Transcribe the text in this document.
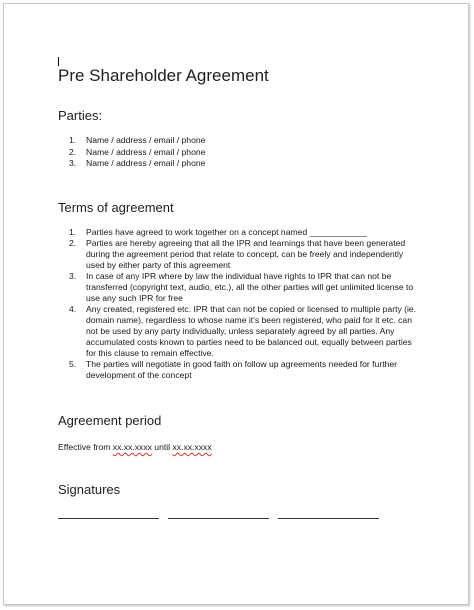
Pre Shareholder Agreement
Parties:
1. Name / address / email / phone
2. Name / address / email / phone
3. Name / address / email / phone
Terms of agreement
1. Parties have agreed to work together on a concept named ____________
2. Parties are hereby agreeing that all the IPR and learnings that have been generated
during the agreement period that relate to concept, can be freely and independently
used by either party of this agreement
3. In case of any IPR where by law the individual have rights to IPR that can not be
transferred (copyright text, audio, etc.), all the other parties will get unlimited license to
use any such IPR for free
4. Any created, registered etc. IPR that can not be copied or licensed to multiple party (ie.
domain name), regardless to whose name it's been registered, who paid for it etc. can
not be used by any party individually, unless separately agreed by all parties. Any
accumulated costs known to parties need to be balanced out, equally between parties
for this clause to remain effective.
5. The parties will negotiate in good faith on follow up agreements needed for further
development of the concept
Agreement period
Effective from xx.xx.xxxx until xx.xx.xxxx
Signatures
